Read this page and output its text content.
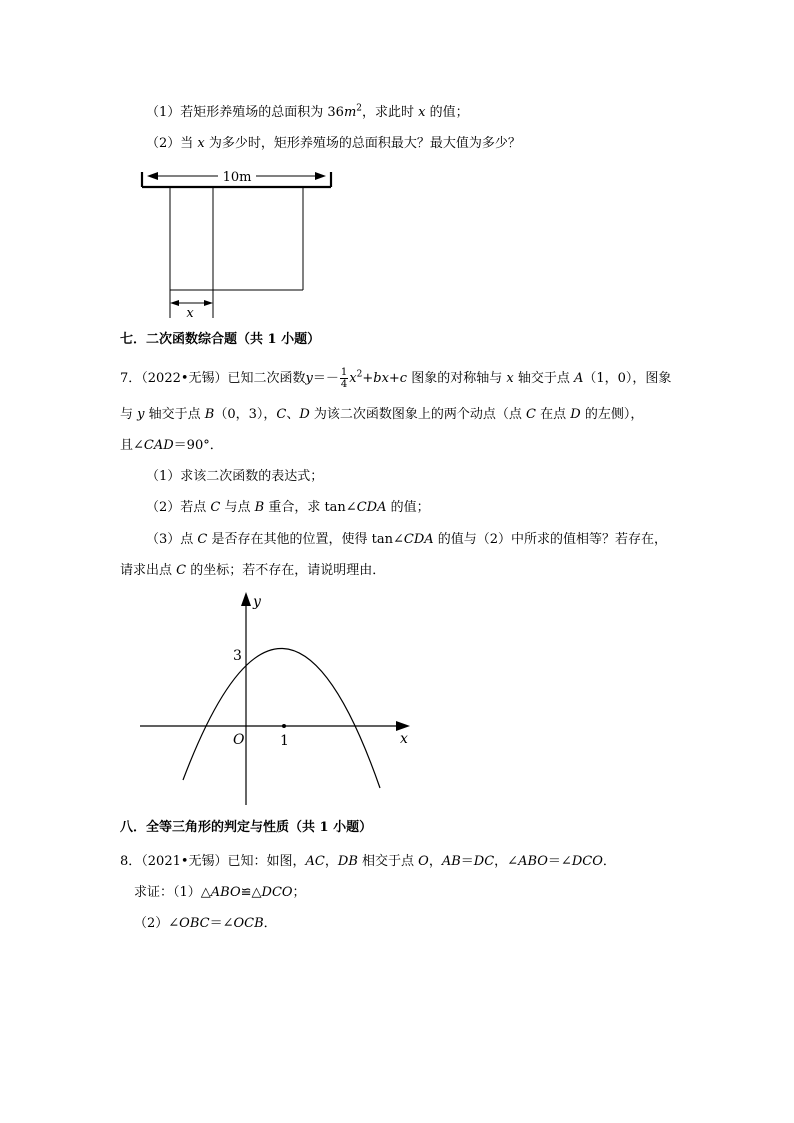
（1）若矩形养殖场的总面积为 $36m^2$，求此时 x 的值；
（2）当 x 为多少时，矩形养殖场的总面积最大？最大值为多少？
10m
x
七．二次函数综合题（共 1 小题）
7．（2022•无锡）已知二次函数$y=- \frac{1}{4} x^2+bx+c$ 图象的对称轴与 x 轴交于点 A（1，0），图象
与 y 轴交于点 B（0，3），C、D 为该二次函数图象上的两个动点（点 C 在点 D 的左侧），
且∠CAD＝90°．
（1）求该二次函数的表达式；
（2）若点 C 与点 B 重合，求 tan∠CDA 的值；
（3）点 C 是否存在其他的位置，使得 tan∠CDA 的值与（2）中所求的值相等？若存在，
请求出点 C 的坐标；若不存在，请说明理由．
y
x
O
3
1
八．全等三角形的判定与性质（共 1 小题）
8．（2021•无锡）已知：如图，AC，DB 相交于点 O，AB＝DC，∠ABO＝∠DCO．
求证：（1）△ABO≌△DCO；
（2）∠OBC＝∠OCB．
